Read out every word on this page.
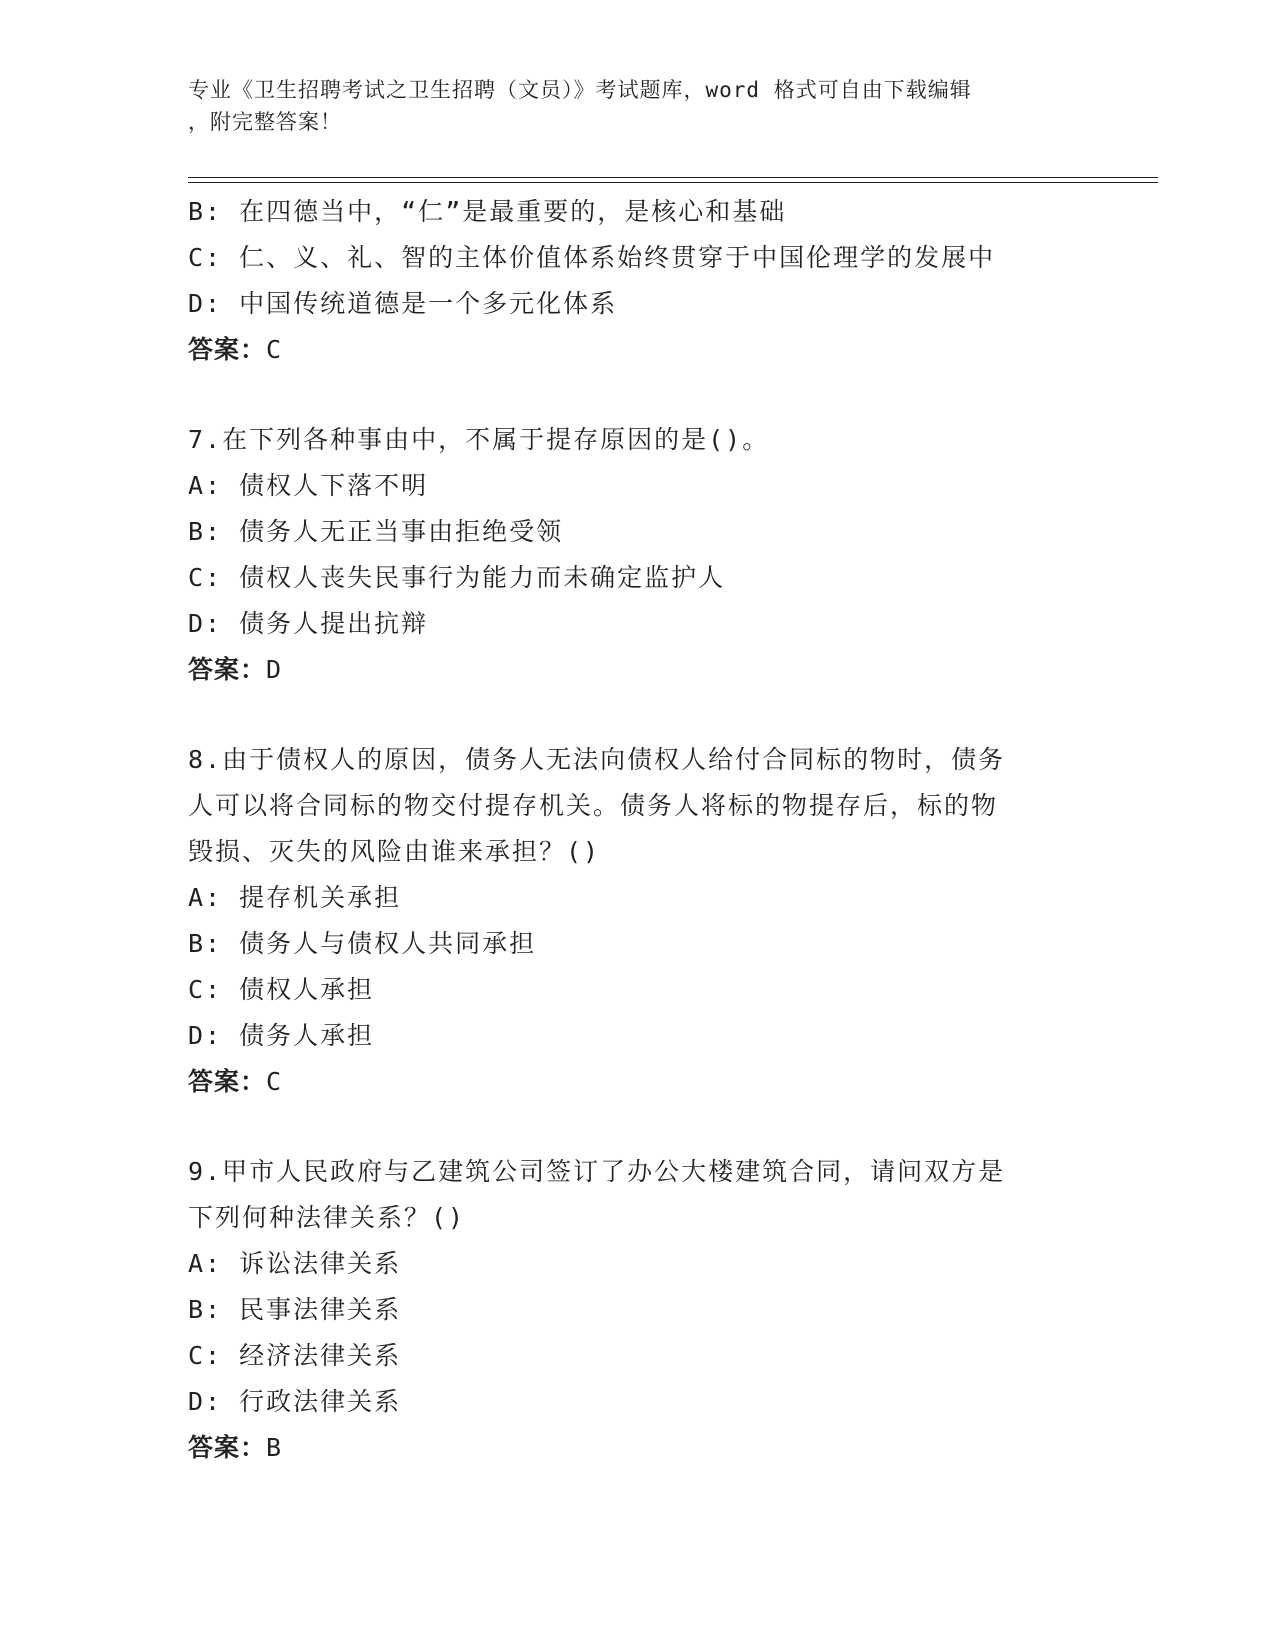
专业《卫生招聘考试之卫生招聘（文员）》考试题库，word 格式可自由下载编辑
，附完整答案！
B: 在四德当中，“仁”是最重要的，是核心和基础
C: 仁、义、礼、智的主体价值体系始终贯穿于中国伦理学的发展中
D: 中国传统道德是一个多元化体系
答案：C
7.在下列各种事由中，不属于提存原因的是()。
A: 债权人下落不明
B: 债务人无正当事由拒绝受领
C: 债权人丧失民事行为能力而未确定监护人
D: 债务人提出抗辩
答案：D
8.由于债权人的原因，债务人无法向债权人给付合同标的物时，债务
人可以将合同标的物交付提存机关。债务人将标的物提存后，标的物
毁损、灭失的风险由谁来承担？()
A: 提存机关承担
B: 债务人与债权人共同承担
C: 债权人承担
D: 债务人承担
答案：C
9.甲市人民政府与乙建筑公司签订了办公大楼建筑合同，请问双方是
下列何种法律关系？()
A: 诉讼法律关系
B: 民事法律关系
C: 经济法律关系
D: 行政法律关系
答案：B
